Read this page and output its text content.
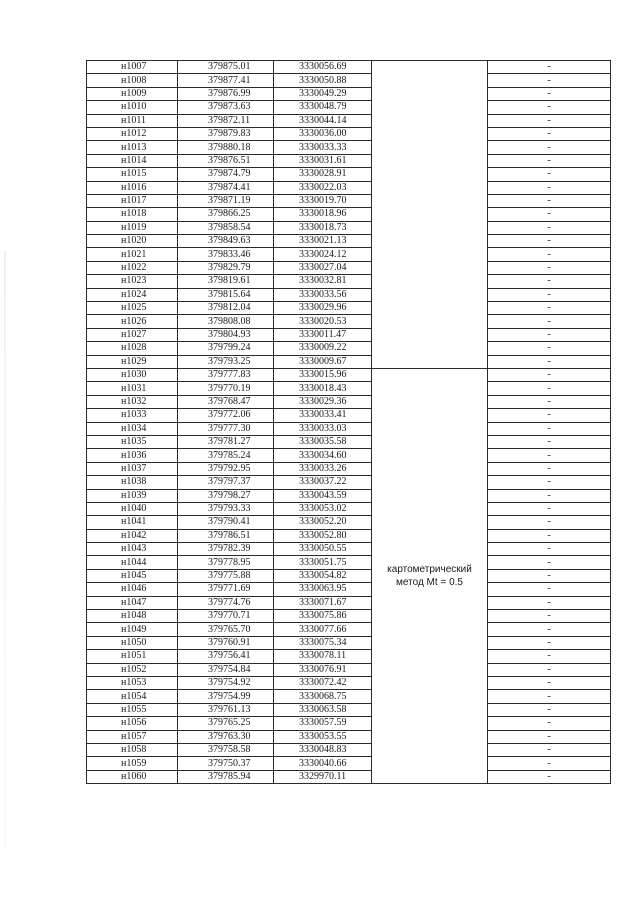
н1007	379875.01	3330056.69		-
н1008	379877.41	3330050.88		-
н1009	379876.99	3330049.29		-
н1010	379873.63	3330048.79		-
н1011	379872.11	3330044.14		-
н1012	379879.83	3330036.00		-
н1013	379880.18	3330033.33		-
н1014	379876.51	3330031.61		-
н1015	379874.79	3330028.91		-
н1016	379874.41	3330022.03		-
н1017	379871.19	3330019.70		-
н1018	379866.25	3330018.96		-
н1019	379858.54	3330018.73		-
н1020	379849.63	3330021.13		-
н1021	379833.46	3330024.12		-
н1022	379829.79	3330027.04		-
н1023	379819.61	3330032.81		-
н1024	379815.64	3330033.56		-
н1025	379812.04	3330029.96		-
н1026	379808.08	3330020.53		-
н1027	379804.93	3330011.47		-
н1028	379799.24	3330009.22		-
н1029	379793.25	3330009.67		-
н1030	379777.83	3330015.96	картометрический метод Mt = 0.5	-
н1031	379770.19	3330018.43		-
н1032	379768.47	3330029.36		-
н1033	379772.06	3330033.41		-
н1034	379777.30	3330033.03		-
н1035	379781.27	3330035.58		-
н1036	379785.24	3330034.60		-
н1037	379792.95	3330033.26		-
н1038	379797.37	3330037.22		-
н1039	379798.27	3330043.59		-
н1040	379793.33	3330053.02		-
н1041	379790.41	3330052.20		-
н1042	379786.51	3330052.80		-
н1043	379782.39	3330050.55		-
н1044	379778.95	3330051.75		-
н1045	379775.88	3330054.82		-
н1046	379771.69	3330063.95		-
н1047	379774.76	3330071.67		-
н1048	379770.71	3330075.86		-
н1049	379765.70	3330077.66		-
н1050	379760.91	3330075.34		-
н1051	379756.41	3330078.11		-
н1052	379754.84	3330076.91		-
н1053	379754.92	3330072.42		-
н1054	379754.99	3330068.75		-
н1055	379761.13	3330063.58		-
н1056	379765.25	3330057.59		-
н1057	379763.30	3330053.55		-
н1058	379758.58	3330048.83		-
н1059	379750.37	3330040.66		-
н1060	379785.94	3329970.11		-
